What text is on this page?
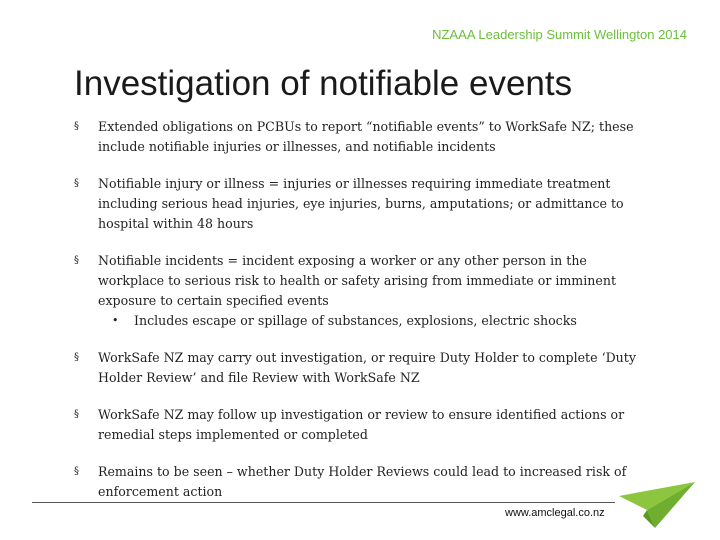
NZAAA Leadership Summit Wellington 2014
Investigation of notifiable events
§ Extended obligations on PCBUs to report “notifiable events” to WorkSafe NZ; these include notifiable injuries or illnesses, and notifiable incidents
§ Notifiable injury or illness = injuries or illnesses requiring immediate treatment including serious head injuries, eye injuries, burns, amputations; or admittance to hospital within 48 hours
§ Notifiable incidents = incident exposing a worker or any other person in the workplace to serious risk to health or safety arising from immediate or imminent exposure to certain specified events
• Includes escape or spillage of substances, explosions, electric shocks
§ WorkSafe NZ may carry out investigation, or require Duty Holder to complete ‘Duty Holder Review’ and file Review with WorkSafe NZ
§ WorkSafe NZ may follow up investigation or review to ensure identified actions or remedial steps implemented or completed
§ Remains to be seen – whether Duty Holder Reviews could lead to increased risk of enforcement action
www.amclegal.co.nz
